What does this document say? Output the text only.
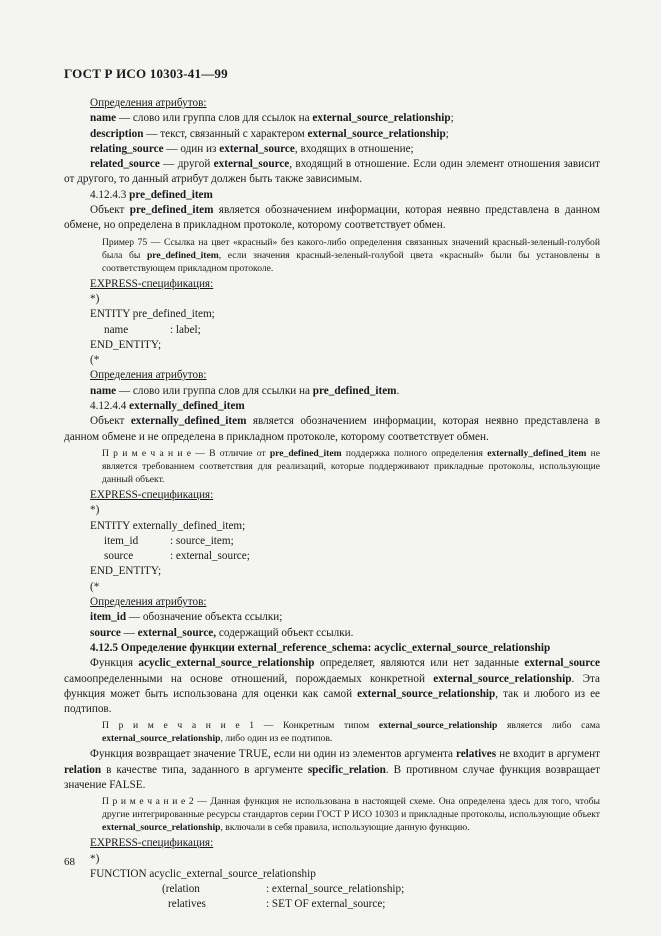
ГОСТ Р ИСО 10303-41—99

Определения атрибутов:

name — слово или группа слов для ссылок на external_source_relationship;

description — текст, связанный с характером external_source_relationship;

relating_source — один из external_source, входящих в отношение;

related_source — другой external_source, входящий в отношение. Если один элемент отношения зависит от другого, то данный атрибут должен быть также зависимым.

4.12.4.3 pre_defined_item

Объект pre_defined_item является обозначением информации, которая неявно представлена в данном обмене, но определена в прикладном протоколе, которому соответствует обмен.

Пример 75 — Ссылка на цвет «красный» без какого-либо определения связанных значений красный-зеленый-голубой была бы pre_defined_item, если значения красный-зеленый-голубой цвета «красный» были бы установлены в соответствующем прикладном протоколе.

EXPRESS-спецификация:

*)

ENTITY pre_defined_item;

name	: label;

END_ENTITY;

(*

Определения атрибутов:

name — слово или группа слов для ссылки на pre_defined_item.

4.12.4.4 externally_defined_item

Объект externally_defined_item является обозначением информации, которая неявно представлена в данном обмене и не определена в прикладном протоколе, которому соответствует обмен.

П р и м е ч а н и е — В отличие от pre_defined_item поддержка полного определения externally_defined_item не является требованием соответствия для реализаций, которые поддерживают прикладные протоколы, использующие данный объект.

EXPRESS-спецификация:

*)

ENTITY externally_defined_item;

item_id	: source_item;

source	: external_source;

END_ENTITY;

(*

Определения атрибутов:

item_id — обозначение объекта ссылки;

source — external_source, содержащий объект ссылки.

4.12.5 Определение функции external_reference_schema: acyclic_external_source_relationship

Функция acyclic_external_source_relationship определяет, являются или нет заданные external_source самоопределенными на основе отношений, порождаемых конкретной external_source_relationship. Эта функция может быть использована для оценки как самой external_source_relationship, так и любого из ее подтипов.

П р и м е ч а н и е 1 — Конкретным типом external_source_relationship является либо сама external_source_relationship, либо один из ее подтипов.

Функция возвращает значение TRUE, если ни один из элементов аргумента relatives не входит в аргумент relation в качестве типа, заданного в аргументе specific_relation. В противном случае функция возвращает значение FALSE.

П р и м е ч а н и е 2 — Данная функция не использована в настоящей схеме. Она определена здесь для того, чтобы другие интегрированные ресурсы стандартов серии ГОСТ Р ИСО 10303 и прикладные протоколы, использующие объект external_source_relationship, включали в себя правила, использующие данную функцию.

EXPRESS-спецификация:

*)

FUNCTION acyclic_external_source_relationship

(relation	: external_source_relationship;

relatives	: SET OF external_source;

68
